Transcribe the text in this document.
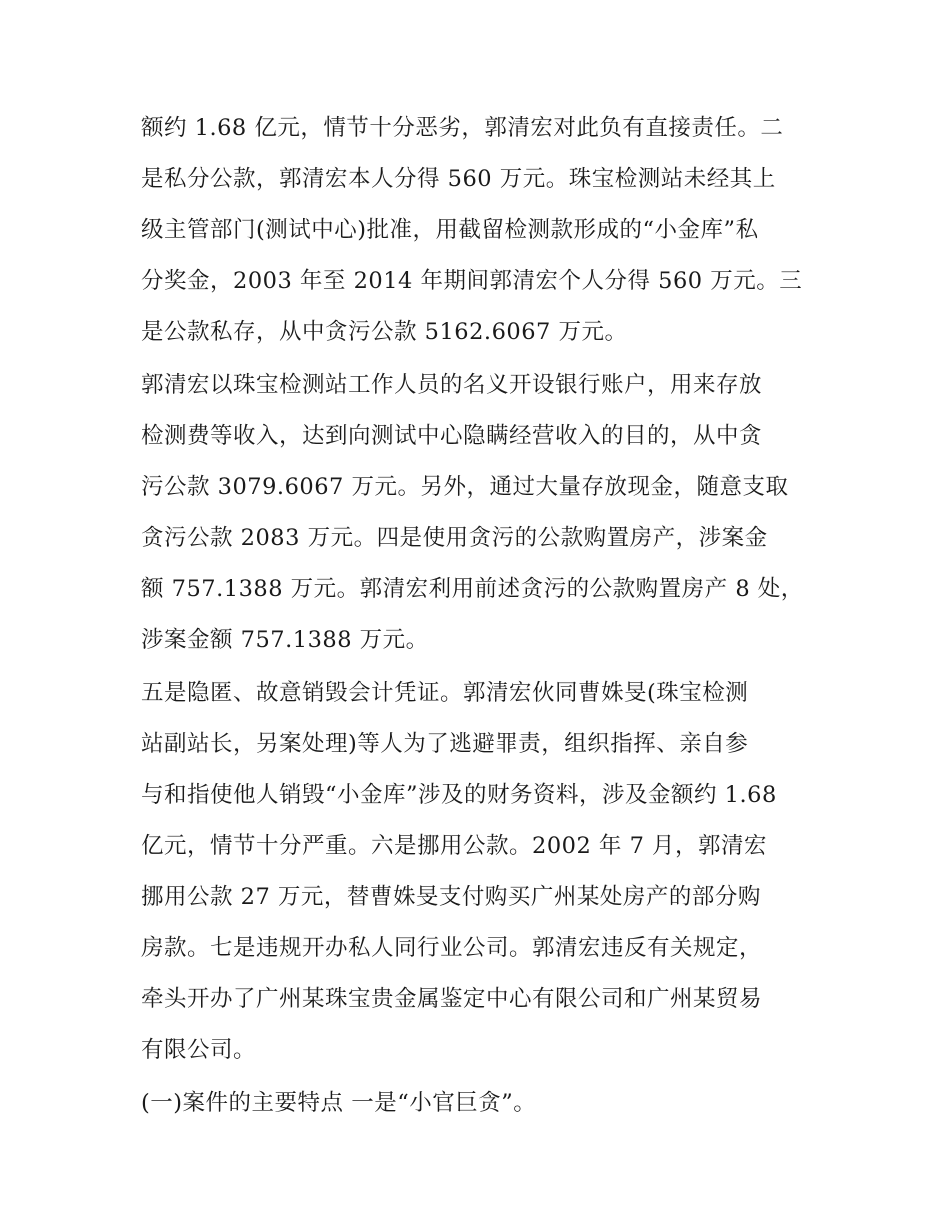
额约 1.68 亿元，情节十分恶劣，郭清宏对此负有直接责任。二
是私分公款，郭清宏本人分得 560 万元。珠宝检测站未经其上
级主管部门(测试中心)批准，用截留检测款形成的“小金库”私
分奖金，2003 年至 2014 年期间郭清宏个人分得 560 万元。三
是公款私存，从中贪污公款 5162.6067 万元。

郭清宏以珠宝检测站工作人员的名义开设银行账户，用来存放
检测费等收入，达到向测试中心隐瞒经营收入的目的，从中贪
污公款 3079.6067 万元。另外，通过大量存放现金，随意支取
贪污公款 2083 万元。四是使用贪污的公款购置房产，涉案金
额 757.1388 万元。郭清宏利用前述贪污的公款购置房产 8 处，
涉案金额 757.1388 万元。

五是隐匿、故意销毁会计凭证。郭清宏伙同曹姝旻(珠宝检测
站副站长，另案处理)等人为了逃避罪责，组织指挥、亲自参
与和指使他人销毁“小金库”涉及的财务资料，涉及金额约 1.68
亿元，情节十分严重。六是挪用公款。2002 年 7 月，郭清宏
挪用公款 27 万元，替曹姝旻支付购买广州某处房产的部分购
房款。七是违规开办私人同行业公司。郭清宏违反有关规定，
牵头开办了广州某珠宝贵金属鉴定中心有限公司和广州某贸易
有限公司。

(一)案件的主要特点 一是“小官巨贪”。
